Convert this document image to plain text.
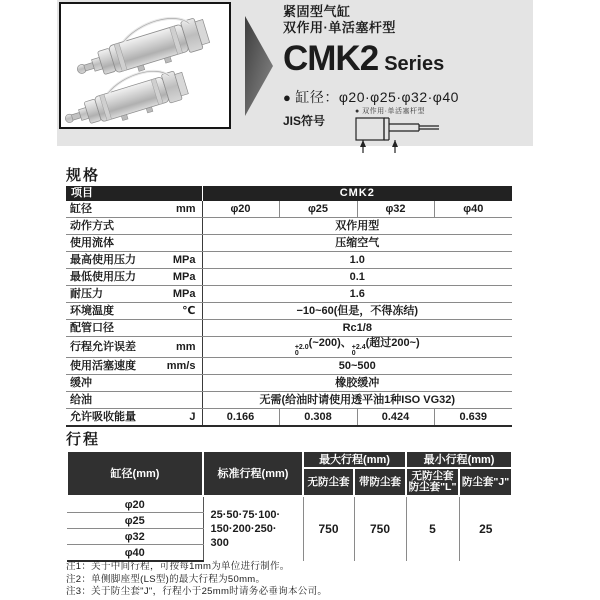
紧固型气缸
双作用·单活塞杆型
CMK2 Series
● 缸径：φ20·φ25·φ32·φ40
JIS符号
● 双作用·单活塞杆型
规格
项目	CMK2			

缸径 mm	φ20	φ25	φ32	φ40

动作方式	双作用型			

使用流体	压缩空气			

最高使用压力 MPa	1.0			

最低使用压力 MPa	0.1			

耐压力 MPa	1.6			

环境温度 ℃	−10~60(但是，不得冻结)			

配管口径	Rc1/8			

行程允许误差	mm	+2.0
0
(~200)、 +2.4
0
(超过200~)

使用活塞速度 mm/s	50~500			

缓冲	橡胶缓冲			

给油	无需(给油时请使用透平油1种ISO VG32)			

允许吸收能量 J	0.166	0.308	0.424	0.639
行程
缸径(mm)	标准行程(mm)	最大行程(mm)		最小行程(mm)	
		无防尘套	带防尘套	无防尘套
防尘套"L"	防尘套"J"
φ20	25·50·75·100·
150·200·250·
300	750	750	5	25
φ25					
φ32					
φ40					
注1：关于中间行程，可按每1mm为单位进行制作。
注2：单侧脚座型(LS型)的最大行程为50mm。
注3：关于防尘套"J"，行程小于25mm时请务必垂询本公司。
